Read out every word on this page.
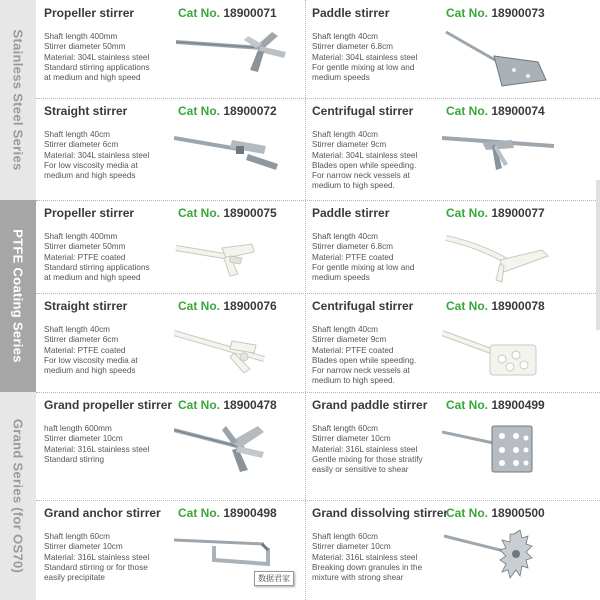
Stainless Steel Series
PTFE Coating Series
Grand Series (for OS70)
Propeller stirrer	Cat No. 18900071
Shaft length 400mm
Stirrer diameter 50mm
Material: 304L stainless steel
Standard stirring applications
at medium and high speed
Paddle stirrer	Cat No. 18900073
Shaft length 40cm
Stirrer diameter 6.8cm
Material: 304L stainless steel
For gentle mixing at low and
medium speeds
Straight stirrer	Cat No. 18900072
Shaft length 40cm
Stirrer diameter 6cm
Material: 304L stainless steel
For low viscosity media at
medium and high speeds
Centrifugal stirrer	Cat No. 18900074
Shaft length 40cm
Stirrer diameter 9cm
Material: 304L stainless steel
Blades open while speeding.
For narrow neck vessels at
medium to high speed.
Propeller stirrer	Cat No. 18900075
Shaft length 400mm
Stirrer diameter 50mm
Material: PTFE coated
Standard stirring applications
at medium and high speed
Paddle stirrer	Cat No. 18900077
Shaft length 40cm
Stirrer diameter 6.8cm
Material: PTFE coated
For gentle mixing at low and
medium speeds
Straight stirrer	Cat No. 18900076
Shaft length 40cm
Stirrer diameter 6cm
Material: PTFE coated
For low viscosity media at
medium and high speeds
Centrifugal stirrer	Cat No. 18900078
Shaft length 40cm
Stirrer diameter 9cm
Material: PTFE coated
Blades open while speeding.
For narrow neck vessels at
medium to high speed.
Grand propeller stirrer Cat No. 18900478
haft length 600mm
Stirrer diameter 10cm
Material: 316L stainless steel
Standard stirring
Grand paddle stirrer Cat No. 18900499
Shaft length 60cm
Stirrer diameter 10cm
Material: 316L stainless steel
Gentle mixing for those stratify
easily or sensitive to shear
Grand anchor stirrer Cat No. 18900498
Shaft length 60cm
Stirrer diameter 10cm
Material: 316L stainless steel
Standard stirring or for those
easily precipitate
Grand dissolving stirrer
Cat No. 18900500
Shaft length 60cm
Stirrer diameter 10cm
Material: 316L stainless steel
Breaking down granules in the
mixture with strong shear
数据君家
